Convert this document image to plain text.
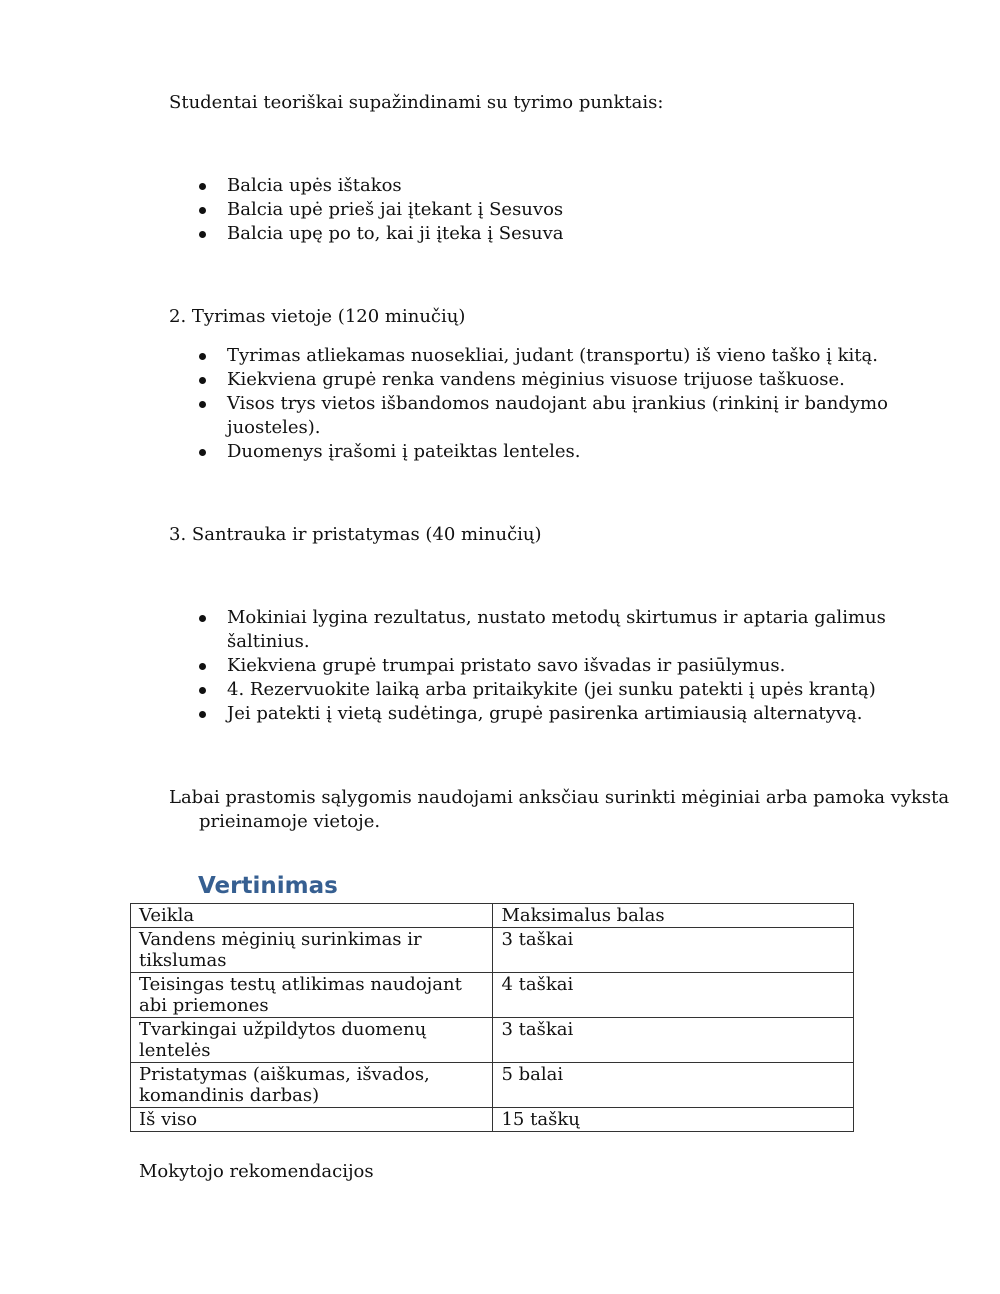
Studentai teoriškai supažindinami su tyrimo punktais:

Balcia upės ištakos
Balcia upė prieš jai įtekant į Sesuvos
Balcia upę po to, kai ji įteka į Sesuva

2. Tyrimas vietoje (120 minučių)

Tyrimas atliekamas nuosekliai, judant (transportu) iš vieno taško į kitą.
Kiekviena grupė renka vandens mėginius visuose trijuose taškuose.
Visos trys vietos išbandomos naudojant abu įrankius (rinkinį ir bandymo juosteles).
Duomenys įrašomi į pateiktas lenteles.

3. Santrauka ir pristatymas (40 minučių)

Mokiniai lygina rezultatus, nustato metodų skirtumus ir aptaria galimus šaltinius.
Kiekviena grupė trumpai pristato savo išvadas ir pasiūlymus.
4. Rezervuokite laiką arba pritaikykite (jei sunku patekti į upės krantą)
Jei patekti į vietą sudėtinga, grupė pasirenka artimiausią alternatyvą.

Labai prastomis sąlygomis naudojami anksčiau surinkti mėginiai arba pamoka vyksta prieinamoje vietoje.

Vertinimas
Veikla	Maksimalus balas
Vandens mėginių surinkimas ir tikslumas	3 taškai
Teisingas testų atlikimas naudojant abi priemones	4 taškai
Tvarkingai užpildytos duomenų lentelės	3 taškai
Pristatymas (aiškumas, išvados, komandinis darbas)	5 balai
Iš viso	15 taškų

Mokytojo rekomendacijos
